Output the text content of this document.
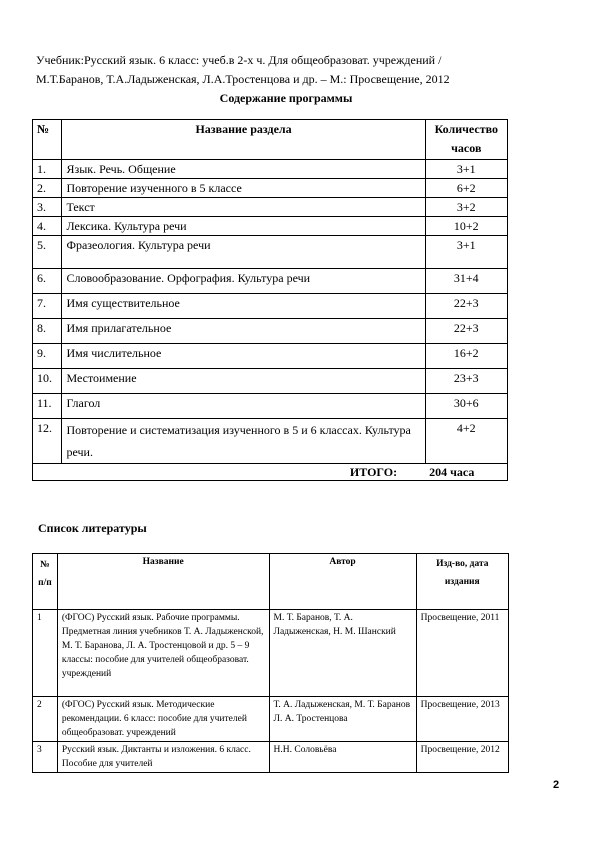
Учебник:Русский язык. 6 класс: учеб.в 2-х ч. Для общеобразоват. учреждений /
М.Т.Баранов, Т.А.Ладыженская, Л.А.Тростенцова и др. – М.: Просвещение, 2012
Содержание программы
№	Название раздела	Количество часов
1.	Язык. Речь. Общение	3+1
2.	Повторение изученного в 5 классе	6+2
3.	Текст	3+2
4.	Лексика. Культура речи	10+2
5.	Фразеология. Культура речи	3+1
6.	Словообразование. Орфография. Культура речи	31+4
7.	Имя существительное	22+3
8.	Имя прилагательное	22+3
9.	Имя числительное	16+2
10.	Местоимение	23+3
11.	Глагол	30+6
12.	Повторение и систематизация изученного в 5 и 6 классах. Культура речи.	4+2
ИТОГО:		204 часа
Список литературы
№ п/п	Название	Автор	Изд-во, дата издания
1	(ФГОС) Русский язык. Рабочие программы. Предметная линия учебников Т. А. Ладыженской, М. Т. Баранова, Л. А. Тростенцовой и др. 5 – 9 классы: пособие для учителей общеобразоват. учреждений	М. Т. Баранов, Т. А. Ладыженская, Н. М. Шанский	Просвещение, 2011
2	(ФГОС) Русский язык. Методические рекомендации. 6 класс: пособие для учителей общеобразоват. учреждений	Т. А. Ладыженская, М. Т. Баранов Л. А. Тростенцова	Просвещение, 2013
3	Русский язык. Диктанты и изложения. 6 класс. Пособие для учителей	Н.Н. Соловьёва	Просвещение, 2012
2
